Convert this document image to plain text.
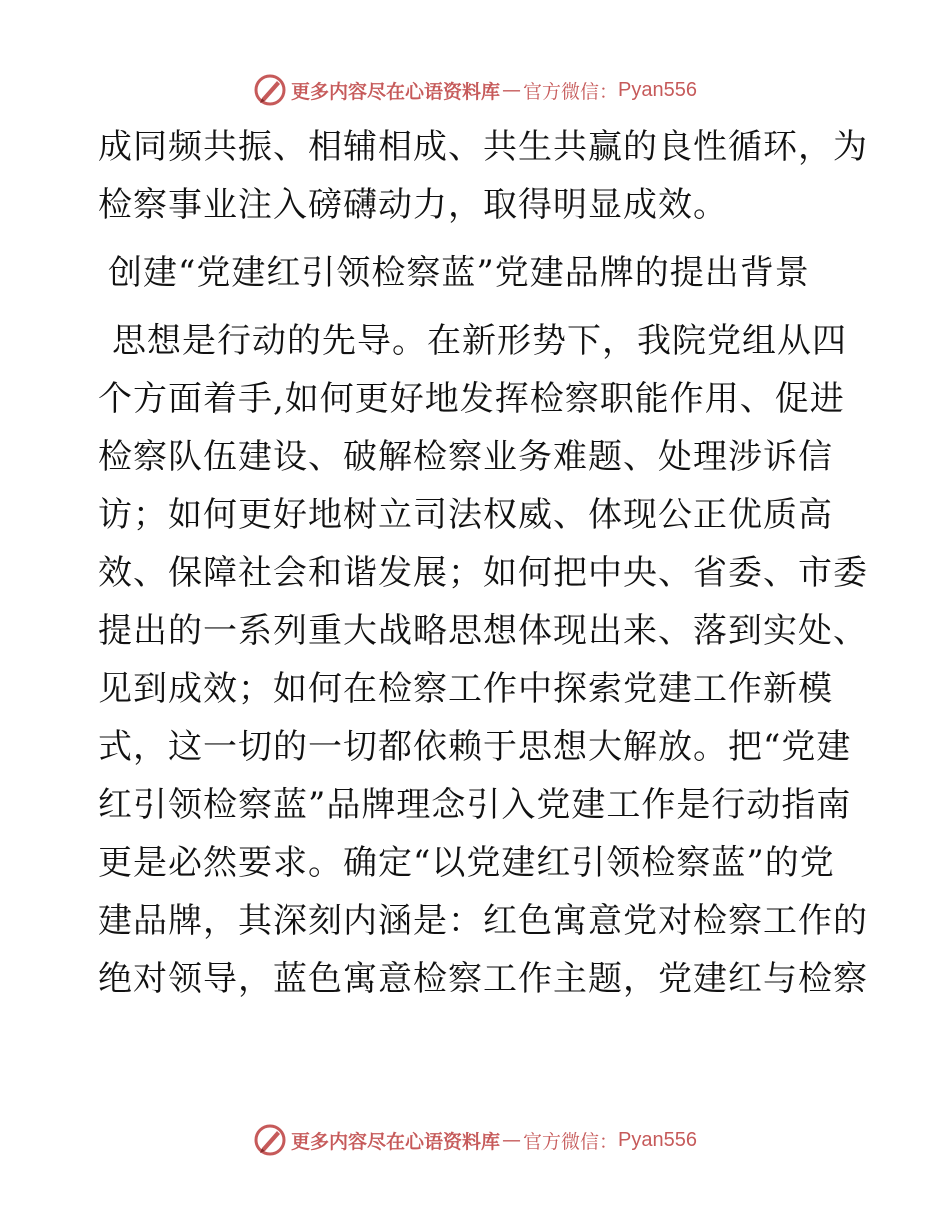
更多内容尽在心语资料库 — 官方微信： Pyan556
成同频共振、相辅相成、共生共赢的良性循环，为
检察事业注入磅礴动力，取得明显成效。
创建“党建红引领检察蓝”党建品牌的提出背景
思想是行动的先导。在新形势下，我院党组从四
个方面着手,如何更好地发挥检察职能作用、促进
检察队伍建设、破解检察业务难题、处理涉诉信
访；如何更好地树立司法权威、体现公正优质高
效、保障社会和谐发展；如何把中央、省委、市委
提出的一系列重大战略思想体现出来、落到实处、
见到成效；如何在检察工作中探索党建工作新模
式，这一切的一切都依赖于思想大解放。把“党建
红引领检察蓝”品牌理念引入党建工作是行动指南
更是必然要求。确定“以党建红引领检察蓝”的党
建品牌，其深刻内涵是：红色寓意党对检察工作的
绝对领导，蓝色寓意检察工作主题，党建红与检察
更多内容尽在心语资料库 — 官方微信： Pyan556
